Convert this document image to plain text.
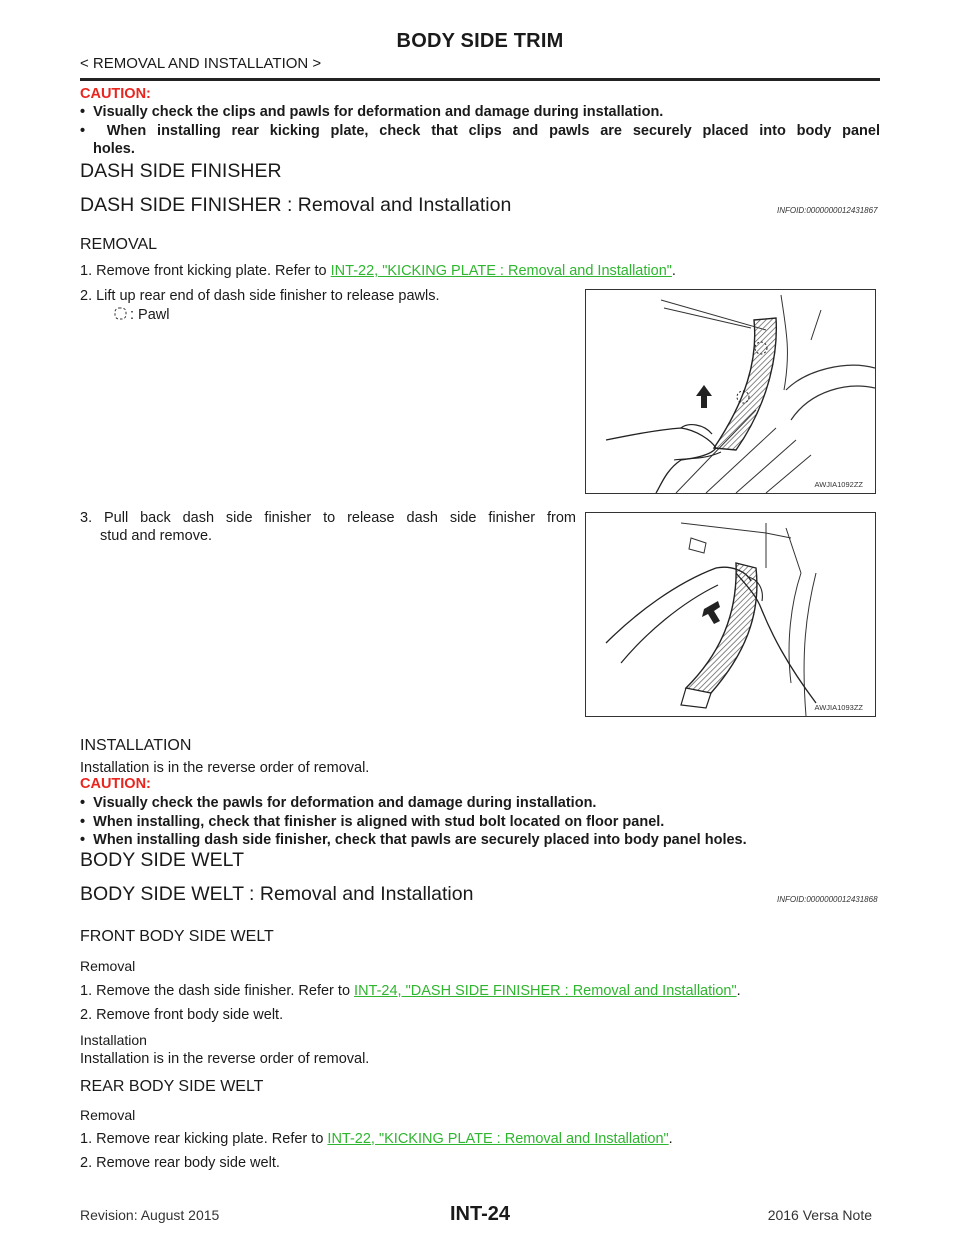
BODY SIDE TRIM
< REMOVAL AND INSTALLATION >
CAUTION:
•  Visually check the clips and pawls for deformation and damage during installation.
•  When installing rear kicking plate, check that clips and pawls are securely placed into body panel
holes.
DASH SIDE FINISHER
DASH SIDE FINISHER : Removal and Installation	INFOID:0000000012431867
REMOVAL
1. Remove front kicking plate. Refer to INT-22, "KICKING PLATE : Removal and Installation".
2. Lift up rear end of dash side finisher to release pawls.
: Pawl
AWJIA1092ZZ
3. Pull back dash side finisher to release dash side finisher from
stud and remove.
AWJIA1093ZZ
INSTALLATION
Installation is in the reverse order of removal.
CAUTION:
•  Visually check the pawls for deformation and damage during installation.
•  When installing, check that finisher is aligned with stud bolt located on floor panel.
•  When installing dash side finisher, check that pawls are securely placed into body panel holes.
BODY SIDE WELT
BODY SIDE WELT : Removal and Installation	INFOID:0000000012431868
FRONT BODY SIDE WELT
Removal
1. Remove the dash side finisher. Refer to INT-24, "DASH SIDE FINISHER : Removal and Installation".
2. Remove front body side welt.
Installation
Installation is in the reverse order of removal.
REAR BODY SIDE WELT
Removal
1. Remove rear kicking plate. Refer to INT-22, "KICKING PLATE : Removal and Installation".
2. Remove rear body side welt.
Revision: August 2015	INT-24	2016 Versa Note
